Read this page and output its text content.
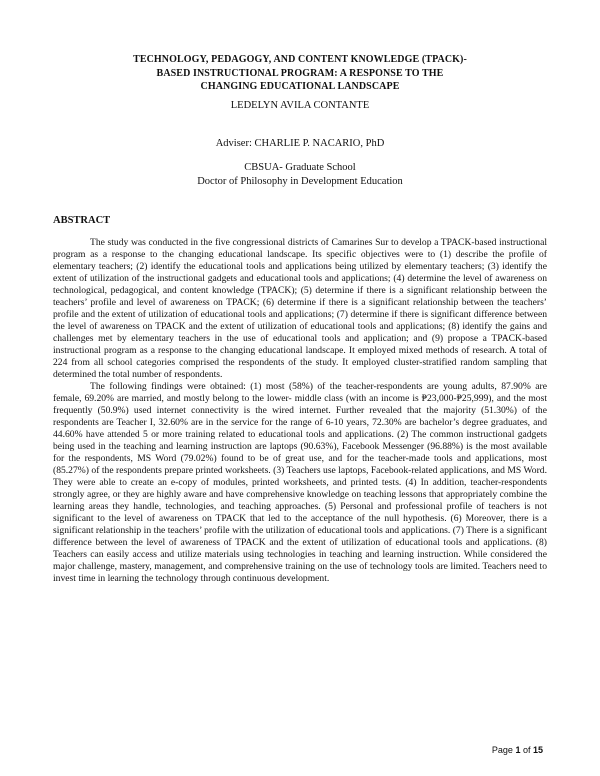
TECHNOLOGY, PEDAGOGY, AND CONTENT KNOWLEDGE (TPACK)-
BASED INSTRUCTIONAL PROGRAM: A RESPONSE TO THE
CHANGING EDUCATIONAL LANDSCAPE
LEDELYN AVILA CONTANTE
Adviser: CHARLIE P. NACARIO, PhD
CBSUA- Graduate School
Doctor of Philosophy in Development Education
ABSTRACT

The study was conducted in the five congressional districts of Camarines Sur to develop a TPACK-based instructional program as a response to the changing educational landscape. Its specific objectives were to (1) describe the profile of elementary teachers; (2) identify the educational tools and applications being utilized by elementary teachers; (3) identify the extent of utilization of the instructional gadgets and educational tools and applications; (4) determine the level of awareness on technological, pedagogical, and content knowledge (TPACK); (5) determine if there is a significant relationship between the teachers’ profile and level of awareness on TPACK; (6) determine if there is a significant relationship between the teachers’ profile and the extent of utilization of educational tools and applications; (7) determine if there is significant difference between the level of awareness on TPACK and the extent of utilization of educational tools and applications; (8) identify the gains and challenges met by elementary teachers in the use of educational tools and application; and (9) propose a TPACK-based instructional program as a response to the changing educational landscape. It employed mixed methods of research. A total of 224 from all school categories comprised the respondents of the study. It employed cluster-stratified random sampling that determined the total number of respondents.

The following findings were obtained: (1) most (58%) of the teacher-respondents are young adults, 87.90% are female, 69.20% are married, and mostly belong to the lower- middle class (with an income is ₱23,000-₱25,999), and the most frequently (50.9%) used internet connectivity is the wired internet. Further revealed that the majority (51.30%) of the respondents are Teacher I, 32.60% are in the service for the range of 6-10 years, 72.30% are bachelor’s degree graduates, and 44.60% have attended 5 or more training related to educational tools and applications. (2) The common instructional gadgets being used in the teaching and learning instruction are laptops (90.63%), Facebook Messenger (96.88%) is the most available for the respondents, MS Word (79.02%) found to be of great use, and for the teacher-made tools and applications, most (85.27%) of the respondents prepare printed worksheets. (3) Teachers use laptops, Facebook-related applications, and MS Word. They were able to create an e-copy of modules, printed worksheets, and printed tests. (4) In addition, teacher-respondents strongly agree, or they are highly aware and have comprehensive knowledge on teaching lessons that appropriately combine the learning areas they handle, technologies, and teaching approaches. (5) Personal and professional profile of teachers is not significant to the level of awareness on TPACK that led to the acceptance of the null hypothesis. (6) Moreover, there is a significant relationship in the teachers’ profile with the utilization of educational tools and applications. (7) There is a significant difference between the level of awareness of TPACK and the extent of utilization of educational tools and applications. (8) Teachers can easily access and utilize materials using technologies in teaching and learning instruction. While considered the major challenge, mastery, management, and comprehensive training on the use of technology tools are limited. Teachers need to invest time in learning the technology through continuous development.

Page 1 of 15
